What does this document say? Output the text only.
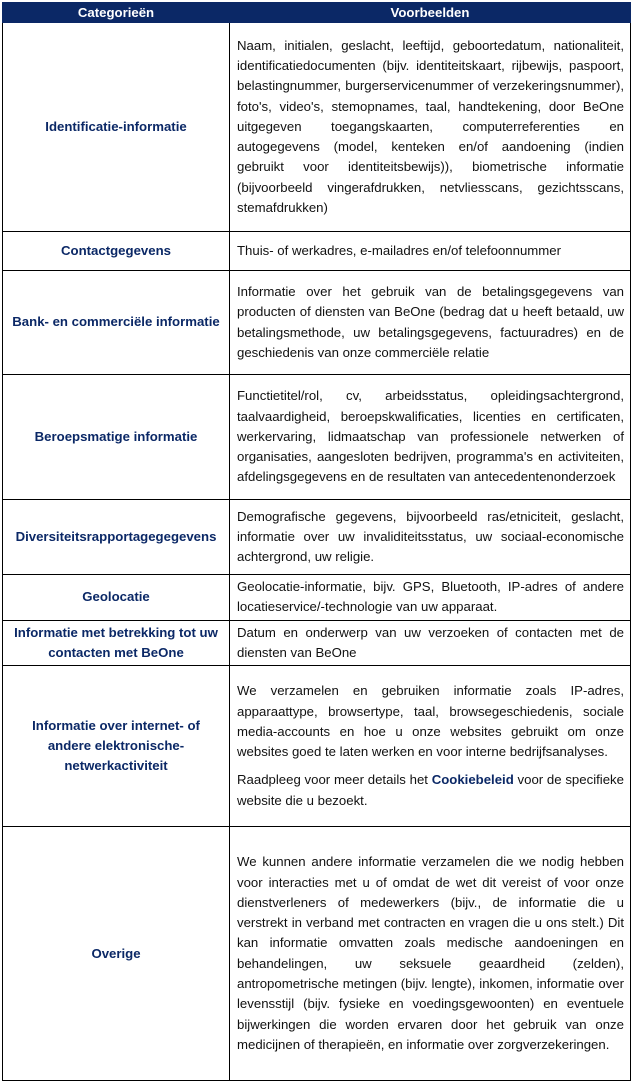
Categorieën	Voorbeelden
Identificatie-informatie	Naam, initialen, geslacht, leeftijd, geboortedatum, nationaliteit, identificatiedocumenten (bijv. identiteitskaart, rijbewijs, paspoort, belastingnummer, burgerservicenummer of verzekeringsnummer), foto's, video's, stemopnames, taal, handtekening, door BeOne uitgegeven toegangskaarten, computerreferenties en autogegevens (model, kenteken en/of aandoening (indien gebruikt voor identiteitsbewijs)), biometrische informatie (bijvoorbeeld vingerafdrukken, netvliesscans, gezichtsscans, stemafdrukken)
Contactgegevens	Thuis- of werkadres, e-mailadres en/of telefoonnummer
Bank- en commerciële informatie	Informatie over het gebruik van de betalingsgegevens van producten of diensten van BeOne (bedrag dat u heeft betaald, uw betalingsmethode, uw betalingsgegevens, factuuradres) en de geschiedenis van onze commerciële relatie
Beroepsmatige informatie	Functietitel/rol, cv, arbeidsstatus, opleidingsachtergrond, taalvaardigheid, beroepskwalificaties, licenties en certificaten, werkervaring, lidmaatschap van professionele netwerken of organisaties, aangesloten bedrijven, programma's en activiteiten, afdelingsgegevens en de resultaten van antecedentenonderzoek
Diversiteitsrapportagegegevens	Demografische gegevens, bijvoorbeeld ras/etniciteit, geslacht, informatie over uw invaliditeitsstatus, uw sociaal-economische achtergrond, uw religie.
Geolocatie	Geolocatie-informatie, bijv. GPS, Bluetooth, IP-adres of andere locatieservice/-technologie van uw apparaat.
Informatie met betrekking tot uw contacten met BeOne	Datum en onderwerp van uw verzoeken of contacten met de diensten van BeOne
Informatie over internet- of andere elektronische-netwerkactiviteit	We verzamelen en gebruiken informatie zoals IP-adres, apparaattype, browsertype, taal, browsegeschiedenis, sociale media-accounts en hoe u onze websites gebruikt om onze websites goed te laten werken en voor interne bedrijfsanalyses.

Raadpleeg voor meer details het Cookiebeleid voor de specifieke website die u bezoekt.

Overige	We kunnen andere informatie verzamelen die we nodig hebben voor interacties met u of omdat de wet dit vereist of voor onze dienstverleners of medewerkers (bijv., de informatie die u verstrekt in verband met contracten en vragen die u ons stelt.) Dit kan informatie omvatten zoals medische aandoeningen en behandelingen, uw seksuele geaardheid (zelden), antropometrische metingen (bijv. lengte), inkomen, informatie over levensstijl (bijv. fysieke en voedingsgewoonten) en eventuele bijwerkingen die worden ervaren door het gebruik van onze medicijnen of therapieën, en informatie over zorgverzekeringen.
